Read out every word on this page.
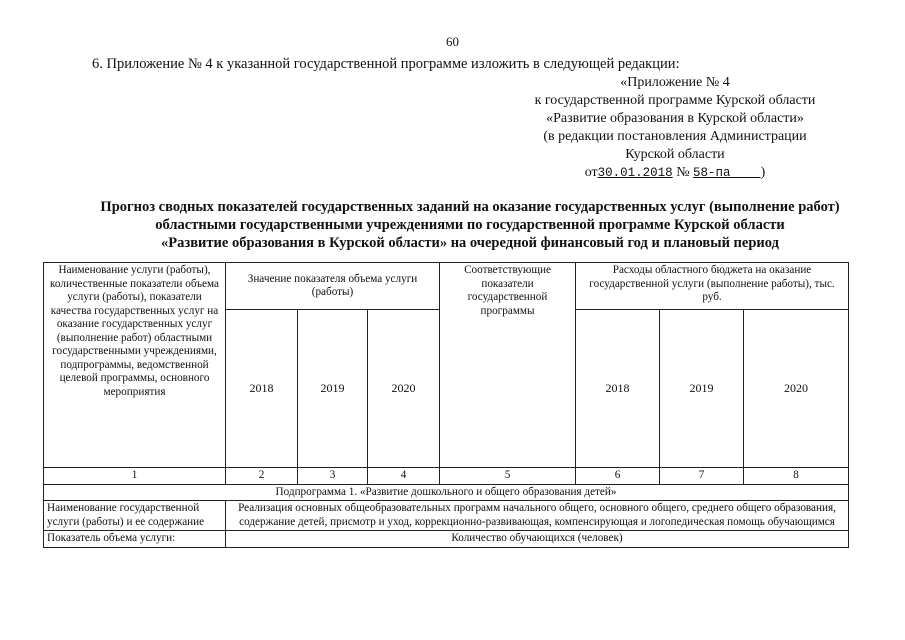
60
6. Приложение № 4 к указанной государственной программе изложить в следующей редакции:
«Приложение № 4
к государственной программе Курской области
«Развитие образования в Курской области»
(в редакции постановления Администрации
Курской области
от30.01.2018 № 58-па )
Прогноз сводных показателей государственных заданий на оказание государственных услуг (выполнение работ)
областными государственными учреждениями по государственной программе Курской области
«Развитие образования в Курской области» на очередной финансовый год и плановый период
Наименование услуги (работы), количественные показатели объема услуги (работы), показатели качества государственных услуг на оказание государственных услуг (выполнение работ) областными государственными учреждениями, подпрограммы, ведомственной целевой программы, основного мероприятия	Значение показателя объема услуги (работы)			Соответствующие показатели государственной программы	Расходы областного бюджета на оказание государственной услуги (выполнение работы), тыс. руб.		
	2018	2019	2020		2018	2019	2020
1	2	3	4	5	6	7	8
Подпрограмма 1. «Развитие дошкольного и общего образования детей»							
Наименование государственной услуги (работы) и ее содержание	Реализация основных общеобразовательных программ начального общего, основного общего, среднего общего образования, содержание детей, присмотр и уход, коррекционно-развивающая, компенсирующая и логопедическая помощь обучающимся						
Показатель объема услуги:	Количество обучающихся (человек)						
